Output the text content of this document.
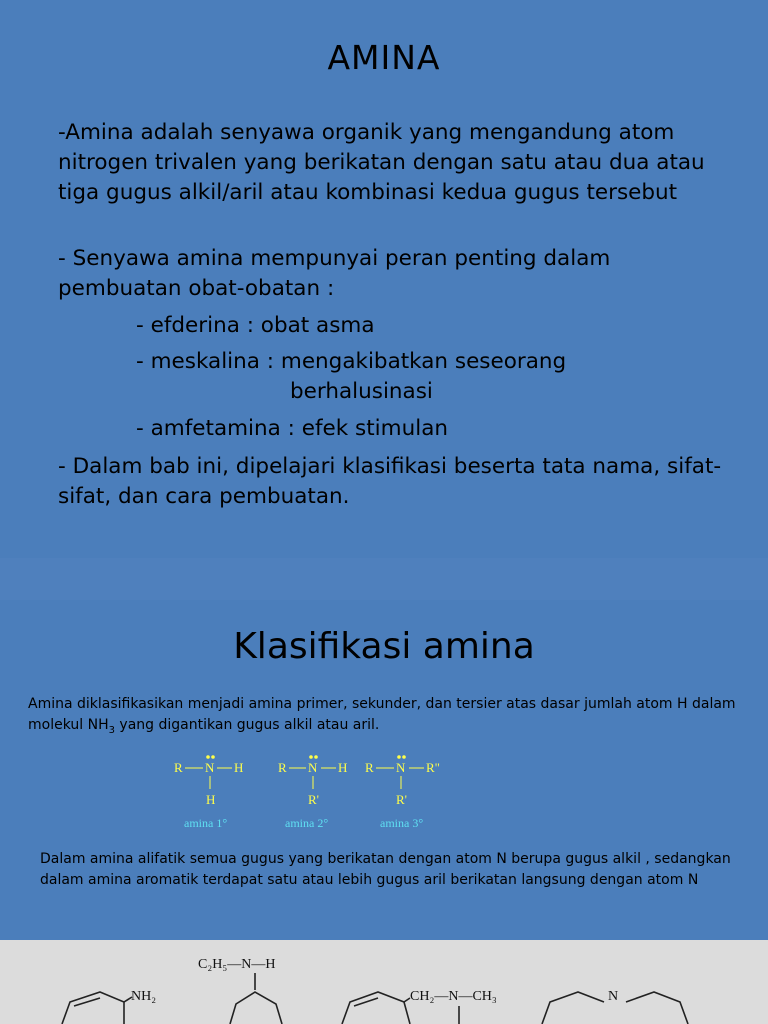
AMINA

-Amina adalah senyawa organik yang mengandung atom nitrogen trivalen yang berikatan dengan satu atau dua atau tiga gugus alkil/aril atau kombinasi kedua gugus tersebut

- Senyawa amina mempunyai peran penting dalam pembuatan obat-obatan :

- efderina : obat asma

- meskalina : mengakibatkan seseorang

berhalusinasi

- amfetamina : efek stimulan

- Dalam bab ini, dipelajari klasifikasi beserta tata nama, sifat-sifat, dan cara pembuatan.

Klasifikasi amina

Amina diklasifikasikan menjadi amina primer, sekunder, dan tersier atas dasar jumlah atom H dalam molekul $NH_3$ yang digantikan gugus alkil atau aril.

R N H
H
amina 1°
R N H
R'
amina 2°
R N R"
R'
amina 3°

Dalam amina alifatik semua gugus yang berikatan dengan atom N berupa gugus alkil , sedangkan dalam amina aromatik terdapat satu atau lebih gugus aril berikatan langsung dengan atom N

C₂H₅—N—H
NH₂	CH₂—N—CH₃	N
